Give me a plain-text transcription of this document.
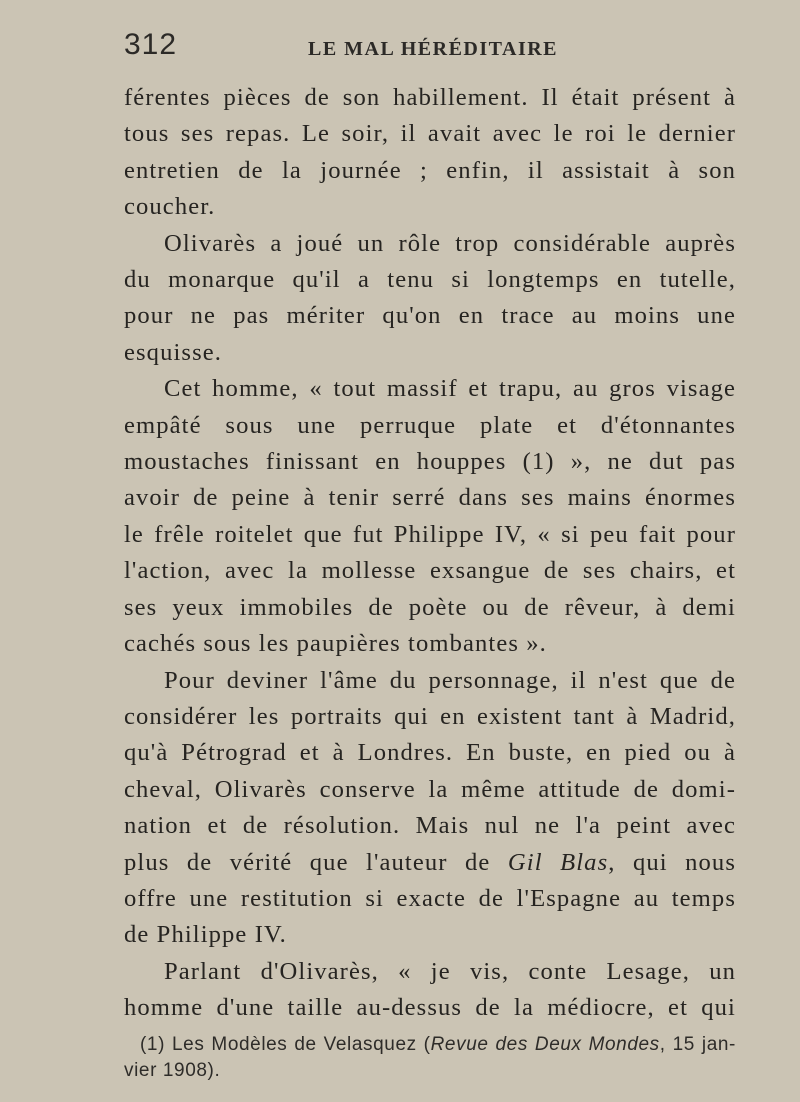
312	LE MAL HÉRÉDITAIRE
férentes pièces de son habillement. Il était présent à
tous ses repas. Le soir, il avait avec le roi le dernier
entretien de la journée ; enfin, il assistait à son
coucher.
Olivarès a joué un rôle trop considérable auprès
du monarque qu'il a tenu si longtemps en tutelle,
pour ne pas mériter qu'on en trace au moins une
esquisse.
Cet homme, « tout massif et trapu, au gros visage
empâté sous une perruque plate et d'étonnantes
moustaches finissant en houppes (1) », ne dut pas
avoir de peine à tenir serré dans ses mains énormes
le frêle roitelet que fut Philippe IV, « si peu fait pour
l'action, avec la mollesse exsangue de ses chairs, et
ses yeux immobiles de poète ou de rêveur, à demi
cachés sous les paupières tombantes ».
Pour deviner l'âme du personnage, il n'est que de
considérer les portraits qui en existent tant à Madrid,
qu'à Pétrograd et à Londres. En buste, en pied ou à
cheval, Olivarès conserve la même attitude de domi-
nation et de résolution. Mais nul ne l'a peint avec
plus de vérité que l'auteur de Gil Blas, qui nous
offre une restitution si exacte de l'Espagne au temps
de Philippe IV.
Parlant d'Olivarès, « je vis, conte Lesage, un
homme d'une taille au-dessus de la médiocre, et qui
(1) Les Modèles de Velasquez (Revue des Deux Mondes, 15 jan-
vier 1908).
